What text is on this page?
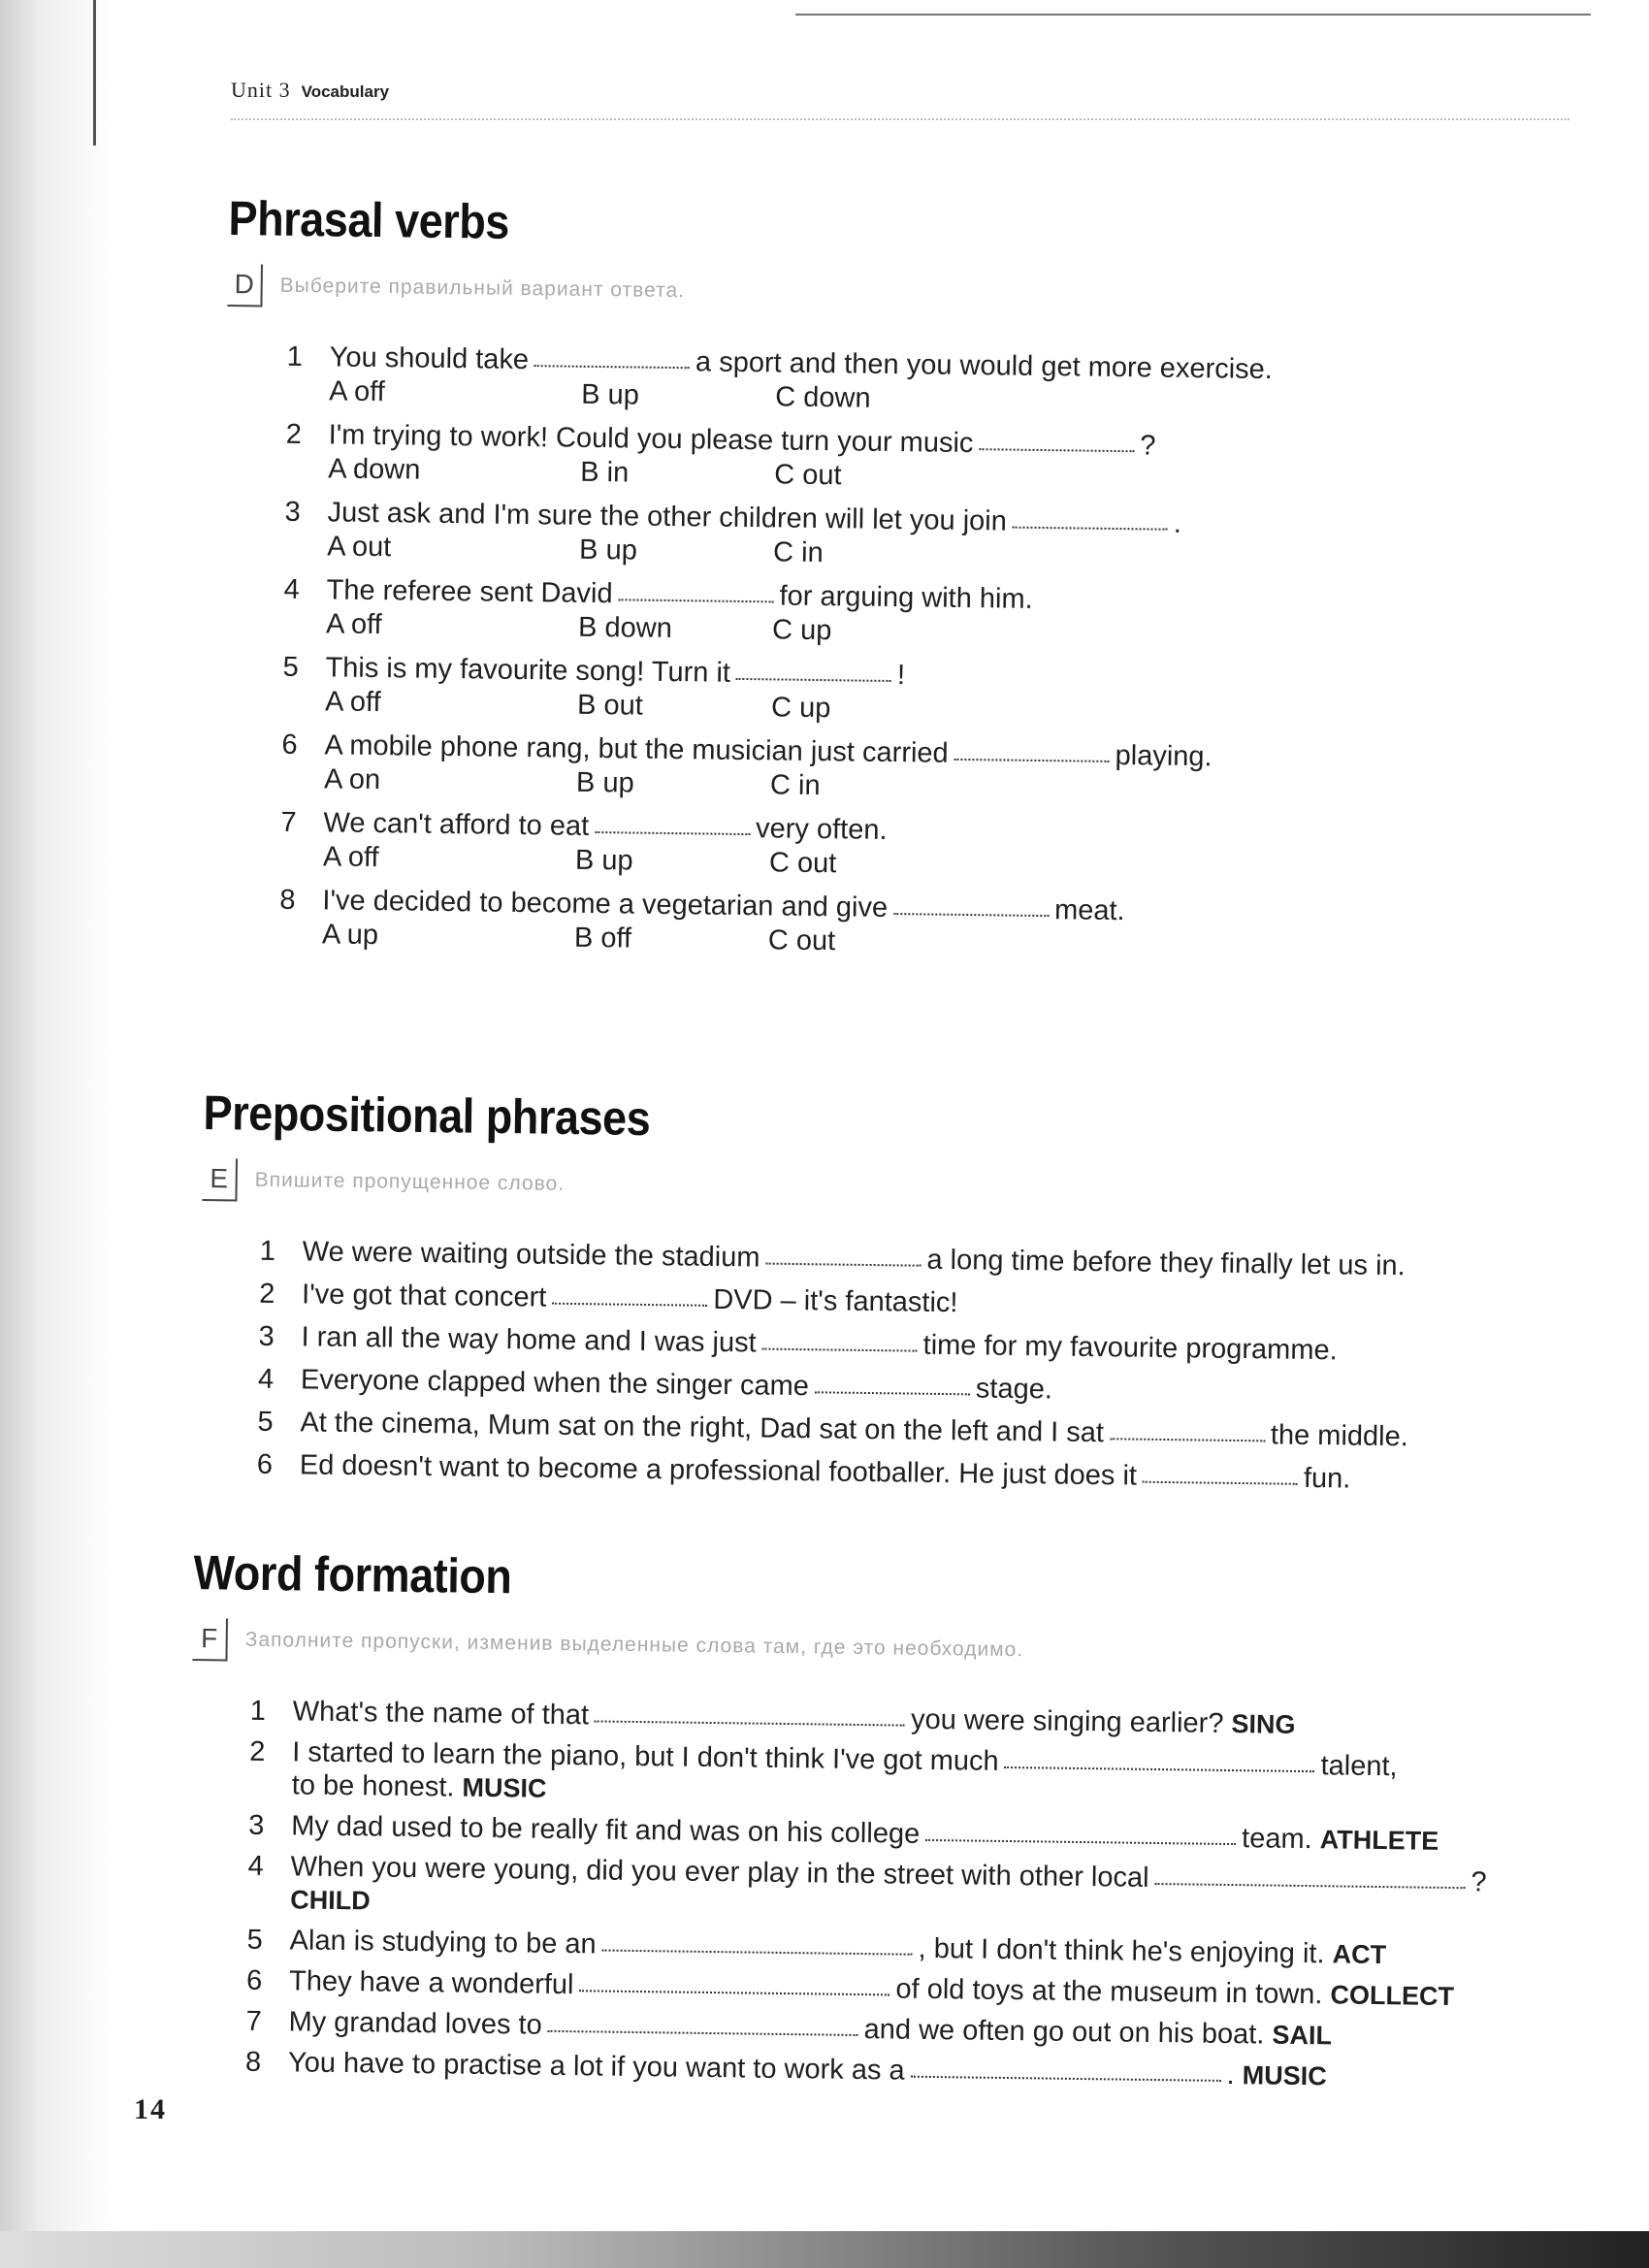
Unit 3 Vocabulary
Phrasal verbs
D	Выберите правильный вариант ответа.
1 You should take	a sport and then you would get more exercise.
A off	B up	C down
2 I'm trying to work! Could you please turn your music	?
A down	B in	C out
3 Just ask and I'm sure the other children will let you join	.
A out	B up	C in
4 The referee sent David	for arguing with him.
A off	B down	C up
5 This is my favourite song! Turn it	!
A off	B out	C up
6 A mobile phone rang, but the musician just carried	playing.
A on	B up	C in
7 We can't afford to eat	very often.
A off	B up	C out
8 I've decided to become a vegetarian and give	meat.
A up	B off	C out
Prepositional phrases
E	Впишите пропущенное слово.
1 We were waiting outside the stadium	a long time before they finally let us in.
2 I've got that concert	DVD – it's fantastic!
3 I ran all the way home and I was just	time for my favourite programme.
4 Everyone clapped when the singer came	stage.
5 At the cinema, Mum sat on the right, Dad sat on the left and I sat	the middle.
6 Ed doesn't want to become a professional footballer. He just does it	fun.
Word formation
F	Заполните пропуски, изменив выделенные слова там, где это необходимо.
1 What's the name of that	you were singing earlier? SING
2 I started to learn the piano, but I don't think I've got much	talent,
to be honest. MUSIC
3 My dad used to be really fit and was on his college	team. ATHLETE
4 When you were young, did you ever play in the street with other local	? CHILD
5 Alan is studying to be an	, but I don't think he's enjoying it. ACT
6 They have a wonderful	of old toys at the museum in town. COLLECT
7 My grandad loves to	and we often go out on his boat. SAIL
8 You have to practise a lot if you want to work as a	. MUSIC
14
